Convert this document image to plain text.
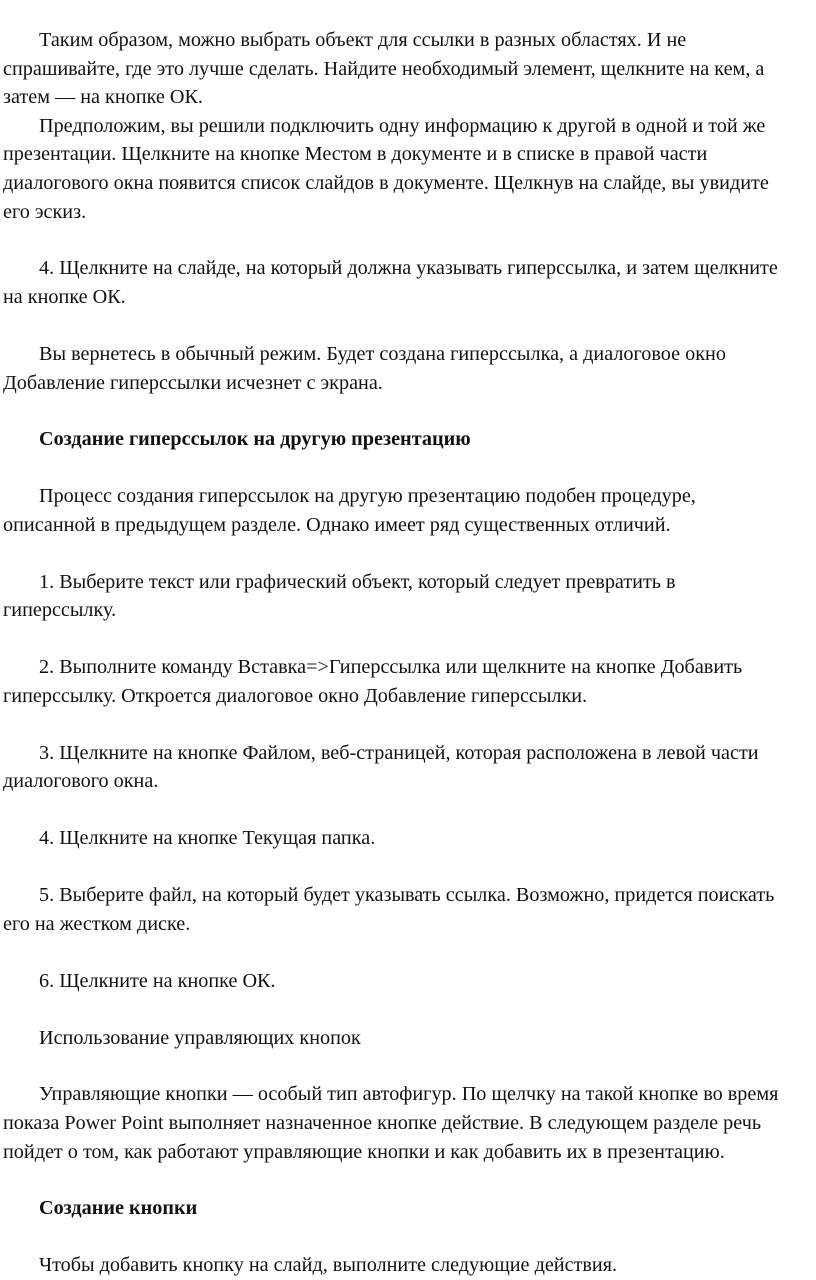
Таким образом, можно выбрать объект для ссылки в разных областях. И не
спрашивайте, где это лучше сделать. Найдите необходимый элемент, щелкните на кем, а
затем — на кнопке ОК.

Предположим, вы решили подключить одну информацию к другой в одной и той же
презентации. Щелкните на кнопке Местом в документе и в списке в правой части
диалогового окна появится список слайдов в документе. Щелкнув на слайде, вы увидите
его эскиз.

4. Щелкните на слайде, на который должна указывать гиперссылка, и затем щелкните
на кнопке ОК.

Вы вернетесь в обычный режим. Будет создана гиперссылка, а диалоговое окно
Добавление гиперссылки исчезнет с экрана.

Создание гиперссылок на другую презентацию

Процесс создания гиперссылок на другую презентацию подобен процедуре,
описанной в предыдущем разделе. Однако имеет ряд существенных отличий.

1. Выберите текст или графический объект, который следует превратить в
гиперссылку.

2. Выполните команду Вставка=>Гиперссылка или щелкните на кнопке Добавить
гиперссылку. Откроется диалоговое окно Добавление гиперссылки.

3. Щелкните на кнопке Файлом, веб-страницей, которая расположена в левой части
диалогового окна.

4. Щелкните на кнопке Текущая папка.

5. Выберите файл, на который будет указывать ссылка. Возможно, придется поискать
его на жестком диске.

6. Щелкните на кнопке ОК.

Использование управляющих кнопок

Управляющие кнопки — особый тип автофигур. По щелчку на такой кнопке во время
показа Power Point выполняет назначенное кнопке действие. В следующем разделе речь
пойдет о том, как работают управляющие кнопки и как добавить их в презентацию.

Создание кнопки

Чтобы добавить кнопку на слайд, выполните следующие действия.
